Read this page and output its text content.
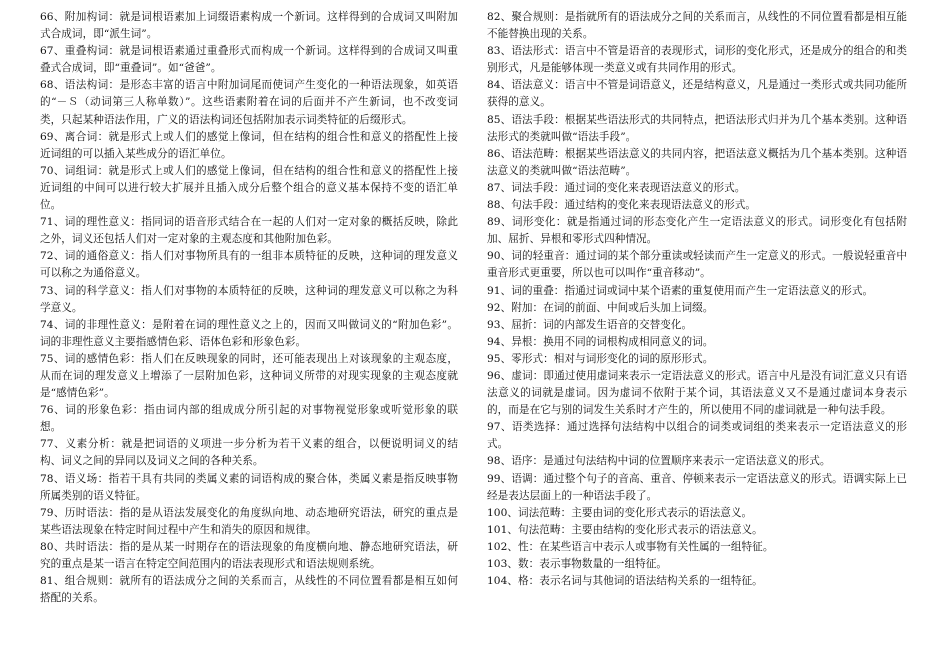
66、附加构词：就是词根语素加上词缀语素构成一个新词。这样得到的合成词又叫附加式合成词，即“派生词”。

67、重叠构词：就是词根语素通过重叠形式而构成一个新词。这样得到的合成词又叫重叠式合成词，即“重叠词”。如“爸爸”。

68、语法构词：是形态丰富的语言中附加词尾而使词产生变化的一种语法现象，如英语的“－Ｓ（动词第三人称单数）”。这些语素附着在词的后面并不产生新词，也不改变词类，只起某种语法作用，广义的语法构词还包括附加表示词类特征的后缀形式。

69、离合词：就是形式上或人们的感觉上像词，但在结构的组合性和意义的搭配性上接近词组的可以插入某些成分的语汇单位。

70、词组词：就是形式上或人们的感觉上像词，但在结构的组合性和意义的搭配性上接近词组的中间可以进行较大扩展并且插入成分后整个组合的意义基本保持不变的语汇单位。

71、词的理性意义：指同词的语音形式结合在一起的人们对一定对象的概括反映，除此之外，词义还包括人们对一定对象的主观态度和其他附加色彩。

72、词的通俗意义：指人们对事物所具有的一组非本质特征的反映，这种词的理发意义可以称之为通俗意义。

73、词的科学意义：指人们对事物的本质特征的反映，这种词的理发意义可以称之为科学意义。

74、词的非理性意义：是附着在词的理性意义之上的，因而又叫做词义的“附加色彩”。词的非理性意义主要指感情色彩、语体色彩和形象色彩。

75、词的感情色彩：指人们在反映现象的同时，还可能表现出上对该现象的主观态度，从而在词的理发意义上增添了一层附加色彩，这种词义所带的对现实现象的主观态度就是“感情色彩”。

76、词的形象色彩：指由词内部的组成成分所引起的对事物视觉形象或听觉形象的联想。

77、义素分析：就是把词语的义项进一步分析为若干义素的组合，以便说明词义的结构、词义之间的异同以及词义之间的各种关系。

78、语义场：指若干具有共同的类属义素的词语构成的聚合体，类属义素是指反映事物所属类别的语义特征。

79、历时语法：指的是从语法发展变化的角度纵向地、动态地研究语法，研究的重点是某些语法现象在特定时间过程中产生和消失的原因和规律。

80、共时语法：指的是从某一时期存在的语法现象的角度横向地、静态地研究语法，研究的重点是某一语言在特定空间范围内的语法表现形式和语法规则系统。

81、组合规则：就所有的语法成分之间的关系而言，从线性的不同位置看都是相互如何搭配的关系。

82、聚合规则：是指就所有的语法成分之间的关系而言，从线性的不同位置看都是相互能不能替换出现的关系。

83、语法形式：语言中不管是语音的表现形式，词形的变化形式，还是成分的组合的和类别形式，凡是能够体现一类意义或有共同作用的形式。

84、语法意义：语言中不管是词语意义，还是结构意义，凡是通过一类形式或共同功能所获得的意义。

85、语法手段：根据某些语法形式的共同特点，把语法形式归并为几个基本类别。这种语法形式的类就叫做“语法手段”。

86、语法范畴：根据某些语法意义的共同内容，把语法意义概括为几个基本类别。这种语法意义的类就叫做“语法范畴”。

87、词法手段：通过词的变化来表现语法意义的形式。

88、句法手段：通过结构的变化来表现语法意义的形式。

89、词形变化：就是指通过词的形态变化产生一定语法意义的形式。词形变化有包括附加、屈折、异根和零形式四种情况。

90、词的轻重音：通过词的某个部分重读或轻读而产生一定意义的形式。一般说轻重音中重音形式更重要，所以也可以叫作“重音移动”。

91、词的重叠：指通过词或词中某个语素的重复使用而产生一定语法意义的形式。

92、附加：在词的前面、中间或后头加上词缀。

93、屈折：词的内部发生语音的交替变化。

94、异根：换用不同的词根构成相同意义的词。

95、零形式：相对与词形变化的词的原形形式。

96、虚词：即通过使用虚词来表示一定语法意义的形式。语言中凡是没有词汇意义只有语法意义的词就是虚词。因为虚词不依附于某个词，其语法意义又不是通过虚词本身表示的，而是在它与别的词发生关系时才产生的，所以使用不同的虚词就是一种句法手段。

97、语类选择：通过选择句法结构中以组合的词类或词组的类来表示一定语法意义的形式。

98、语序：是通过句法结构中词的位置顺序来表示一定语法意义的形式。

99、语调：通过整个句子的音高、重音、停顿来表示一定语法意义的形式。语调实际上已经是表达层面上的一种语法手段了。

100、词法范畴：主要由词的变化形式表示的语法意义。

101、句法范畴：主要由结构的变化形式表示的语法意义。

102、性：在某些语言中表示人或事物有关性属的一组特征。

103、数：表示事物数量的一组特征。

104、格：表示名词与其他词的语法结构关系的一组特征。
